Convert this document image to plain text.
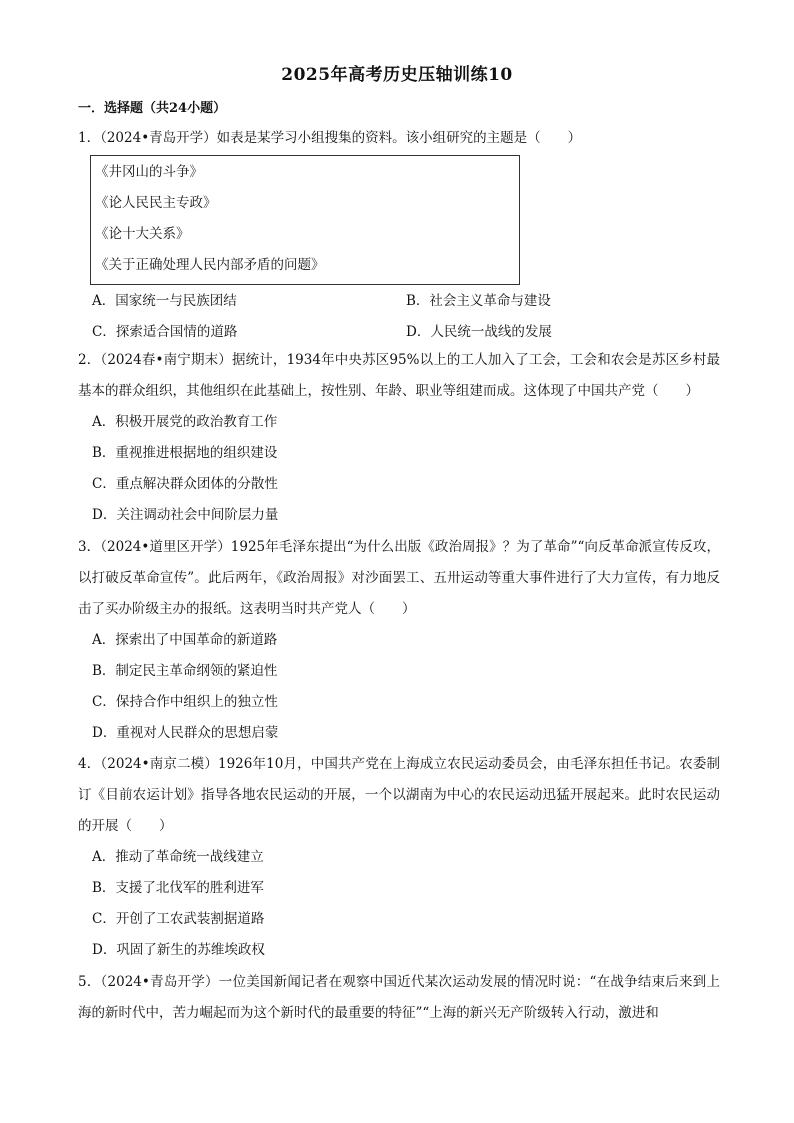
2025年高考历史压轴训练10
一．选择题（共24小题）

1．（2024•青岛开学）如表是某学习小组搜集的资料。该小组研究的主题是（　　）

《井冈山的斗争》
《论人民民主专政》
《论十大关系》
《关于正确处理人民内部矛盾的问题》
A．国家统一与民族团结	B．社会主义革命与建设
C．探索适合国情的道路	D．人民统一战线的发展

2．（2024春•南宁期末）据统计，1934年中央苏区95%以上的工人加入了工会，工会和农会是苏区乡村最基本的群众组织，其他组织在此基础上，按性别、年龄、职业等组建而成。这体现了中国共产党（　　）

A．积极开展党的政治教育工作
B．重视推进根据地的组织建设
C．重点解决群众团体的分散性
D．关注调动社会中间阶层力量

3．（2024•道里区开学）1925年毛泽东提出“为什么出版《政治周报》？为了革命”“向反革命派宣传反攻，以打破反革命宣传”。此后两年，《政治周报》对沙面罢工、五卅运动等重大事件进行了大力宣传，有力地反击了买办阶级主办的报纸。这表明当时共产党人（　　）

A．探索出了中国革命的新道路
B．制定民主革命纲领的紧迫性
C．保持合作中组织上的独立性
D．重视对人民群众的思想启蒙

4．（2024•南京二模）1926年10月，中国共产党在上海成立农民运动委员会，由毛泽东担任书记。农委制订《目前农运计划》指导各地农民运动的开展，一个以湖南为中心的农民运动迅猛开展起来。此时农民运动的开展（　　）

A．推动了革命统一战线建立
B．支援了北伐军的胜利进军
C．开创了工农武装割据道路
D．巩固了新生的苏维埃政权

5．（2024•青岛开学）一位美国新闻记者在观察中国近代某次运动发展的情况时说：“在战争结束后来到上海的新时代中，苦力崛起而为这个新时代的最重要的特征”“上海的新兴无产阶级转入行动，激进和
